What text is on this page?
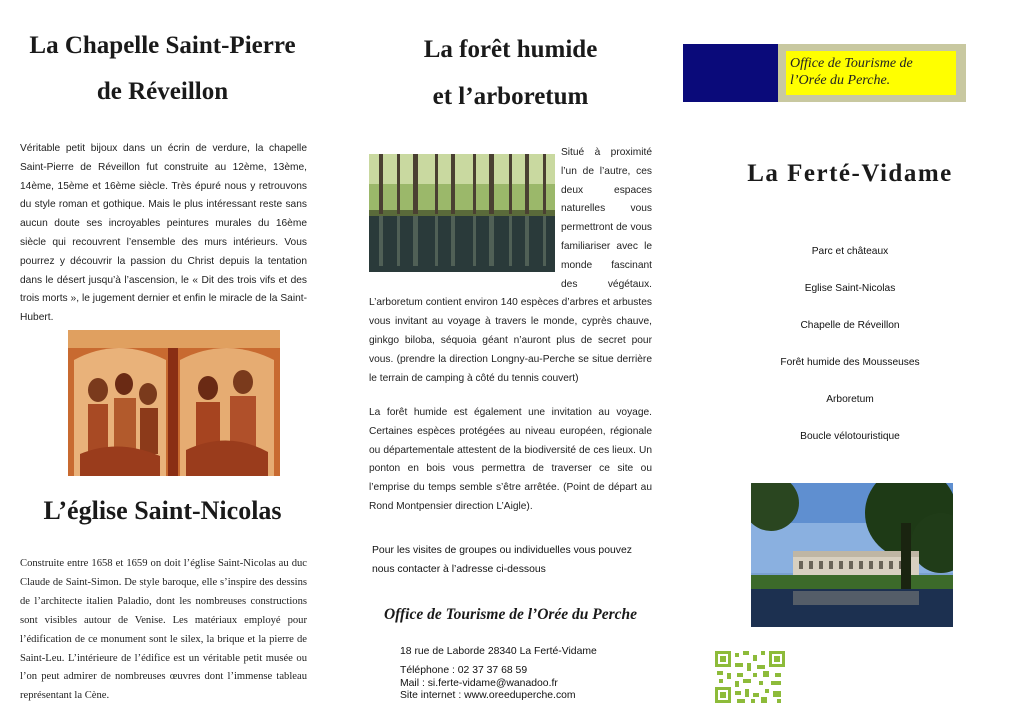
La Chapelle Saint-Pierre
de Réveillon

Véritable petit bijoux dans un écrin de verdure, la chapelle Saint-Pierre de Réveillon fut construite au 12ème, 13ème, 14ème, 15ème et 16ème siècle. Très épuré nous y retrouvons du style roman et gothique. Mais le plus intéressant reste sans aucun doute ses incroyables peintures murales du 16ème siècle qui recouvrent l’ensemble des murs intérieurs. Vous pourrez y découvrir la passion du Christ depuis la tentation dans le désert jusqu’à l’ascension, le « Dit des trois vifs et des trois morts », le jugement dernier et enfin le miracle de la Saint-Hubert.

L’église Saint-Nicolas

Construite entre 1658 et 1659 on doit l’église Saint-Nicolas au duc Claude de Saint-Simon. De style baroque, elle s’inspire des dessins de l’architecte italien Paladio, dont les nombreuses constructions sont visibles autour de Venise. Les matériaux employé pour l’édification de ce monument sont le silex, la brique et la pierre de Saint-Leu. L’intérieure de l’édifice est un véritable petit musée ou l’on peut admirer de nombreuses œuvres dont l’immense tableau représentant la Cène.

La forêt humide
et l’arboretum

Situé à proximité l’un de l’autre, ces deux espaces naturelles vous permettront de vous familiariser avec le monde fascinant des végétaux. L’arboretum contient environ 140 espèces d’arbres et arbustes vous invitant au voyage à travers le monde, cyprès chauve, ginkgo biloba, séquoia géant n’auront plus de secret pour vous. (prendre la direction Longny-au-Perche se situe derrière le terrain de camping à côté du tennis couvert)

La forêt humide est également une invitation au voyage. Certaines espèces protégées au niveau européen, régionale ou départementale attestent de la biodiversité de ces lieux. Un ponton en bois vous permettra de traverser ce site ou l’emprise du temps semble s’être arrêtée. (Point de départ au Rond Montpensier direction L’Aigle).

Pour les visites de groupes ou individuelles vous pouvez
nous contacter à l’adresse ci-dessous
Office de Tourisme de l’Orée du Perche
18 rue de Laborde 28340 La Ferté-Vidame
Téléphone : 02 37 37 68 59
Mail : si.ferte-vidame@wanadoo.fr
Site internet : www.oreeduperche.com
Office de Tourisme de l’Orée du Perche.
La Ferté-Vidame
Parc et châteaux
Eglise Saint-Nicolas
Chapelle de Réveillon
Forêt humide des Mousseuses
Arboretum
Boucle vélotouristique
